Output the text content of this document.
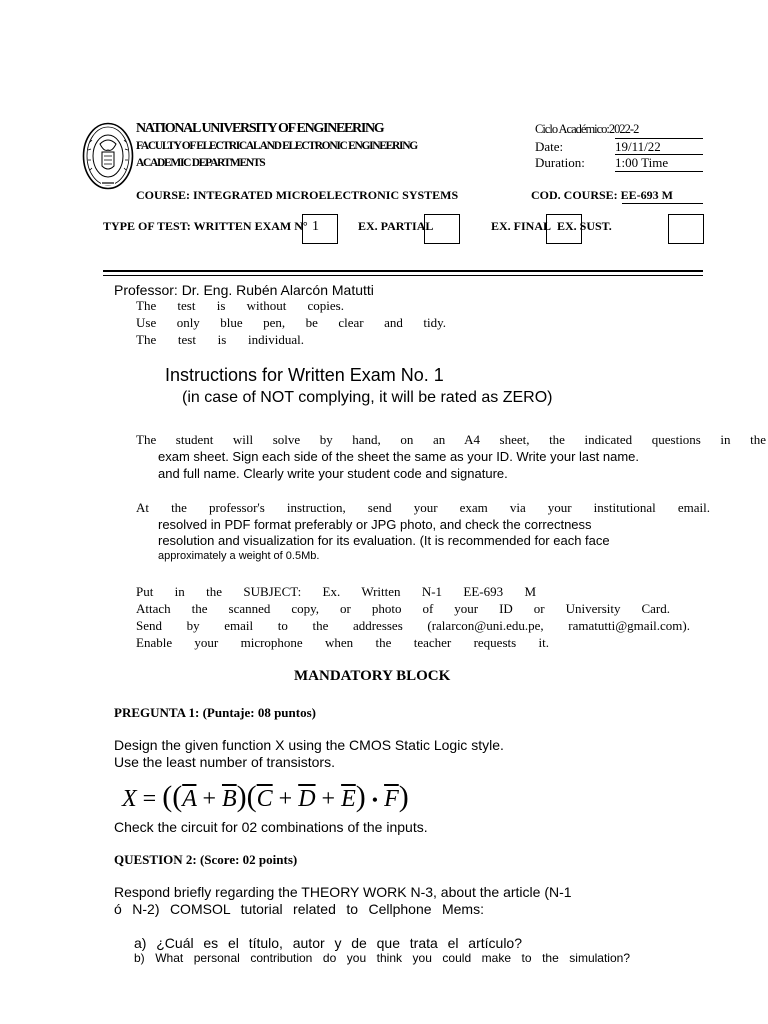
NATIONAL UNIVERSITY OF ENGINEERING
FACULTY OF ELECTRICAL AND ELECTRONIC ENGINEERING
ACADEMIC DEPARTMENTS
Ciclo Académico:2022-2
Date:	19/11/22
Duration: 1:00 Time
COURSE: INTEGRATED MICROELECTRONIC SYSTEMS	COD. COURSE: EE-693 M
TYPE OF TEST: WRITTEN EXAM N° 1	EX. PARTIAL	EX. FINAL EX. SUST.
Professor: Dr. Eng. Rubén Alarcón Matutti
The test is without copies.
Use only blue pen, be clear and tidy.
The test is individual.
Instructions for Written Exam No. 1
(in case of NOT complying, it will be rated as ZERO)
The student will solve by hand, on an A4 sheet, the indicated questions in the
exam sheet. Sign each side of the sheet the same as your ID. Write your last name.
and full name. Clearly write your student code and signature.
At the professor's instruction, send your exam via your institutional email.
resolved in PDF format preferably or JPG photo, and check the correctness
resolution and visualization for its evaluation. (It is recommended for each face
approximately a weight of 0.5Mb.
Put in the SUBJECT: Ex. Written N-1 EE-693 M
Attach the scanned copy, or photo of your ID or University Card.
Send by email to the addresses (ralarcon@uni.edu.pe, ramatutti@gmail.com).
Enable your microphone when the teacher requests it.
MANDATORY BLOCK
PREGUNTA 1: (Puntaje: 08 puntos)
Design the given function X using the CMOS Static Logic style.
Use the least number of transistors.
$X = ((\overline{A} + \overline{B})(\overline{C} + \overline{D} + \overline{E})$ • $\overline{F}$)
Check the circuit for 02 combinations of the inputs.
QUESTION 2: (Score: 02 points)
Respond briefly regarding the THEORY WORK N-3, about the article (N-1
ó N-2) COMSOL tutorial related to Cellphone Mems:
a) ¿Cuál es el título, autor y de que trata el artículo?
b) What personal contribution do you think you could make to the simulation?
